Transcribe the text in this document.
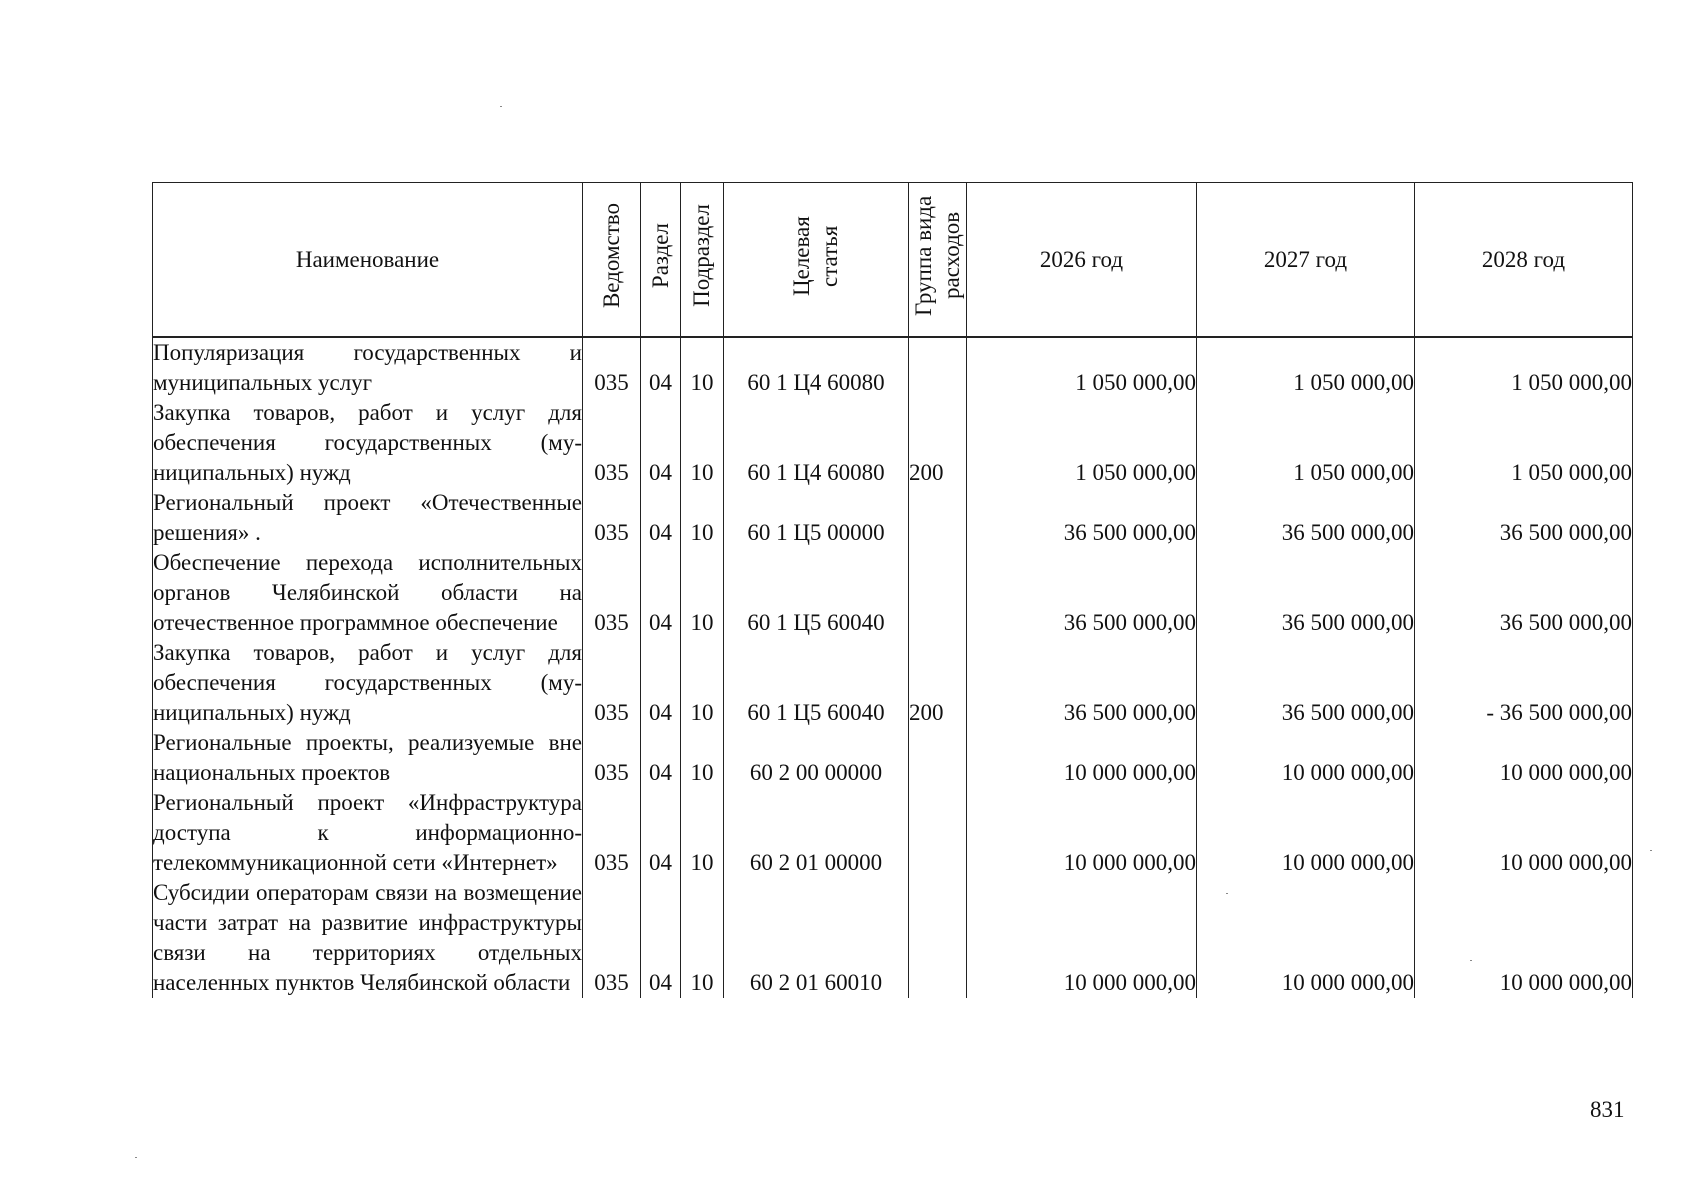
Наименование	Ведомство	Раздел	Подраздел	Целевая статья	Группа вида расходов	2026 год	2027 год	2028 год
Популяризация государственных и муниципальных услуг	035	04	10	60 1 Ц4 60080		1 050 000,00	1 050 000,00	1 050 000,00
Закупка товаров, работ и услуг для обеспечения государственных (муниципальных) нужд	035	04	10	60 1 Ц4 60080	200	1 050 000,00	1 050 000,00	1 050 000,00
Региональный проект «Отечественные решения» .	035	04	10	60 1 Ц5 00000		36 500 000,00	36 500 000,00	36 500 000,00
Обеспечение перехода исполнительных органов Челябинской области на отечественное программное обеспечение	035	04	10	60 1 Ц5 60040		36 500 000,00	36 500 000,00	36 500 000,00
Закупка товаров, работ и услуг для обеспечения государственных (муниципальных) нужд	035	04	10	60 1 Ц5 60040	200	36 500 000,00	36 500 000,00	- 36 500 000,00
Региональные проекты, реализуемые вне национальных проектов	035	04	10	60 2 00 00000		10 000 000,00	10 000 000,00	10 000 000,00
Региональный проект «Инфраструктура доступа к информационно-телекоммуникационной сети «Интернет»	035	04	10	60 2 01 00000		10 000 000,00	10 000 000,00	10 000 000,00
Субсидии операторам связи на возмещение части затрат на развитие инфраструктуры связи на территориях отдельных населенных пунктов Челябинской области	035	04	10	60 2 01 60010		10 000 000,00	10 000 000,00	10 000 000,00
831
